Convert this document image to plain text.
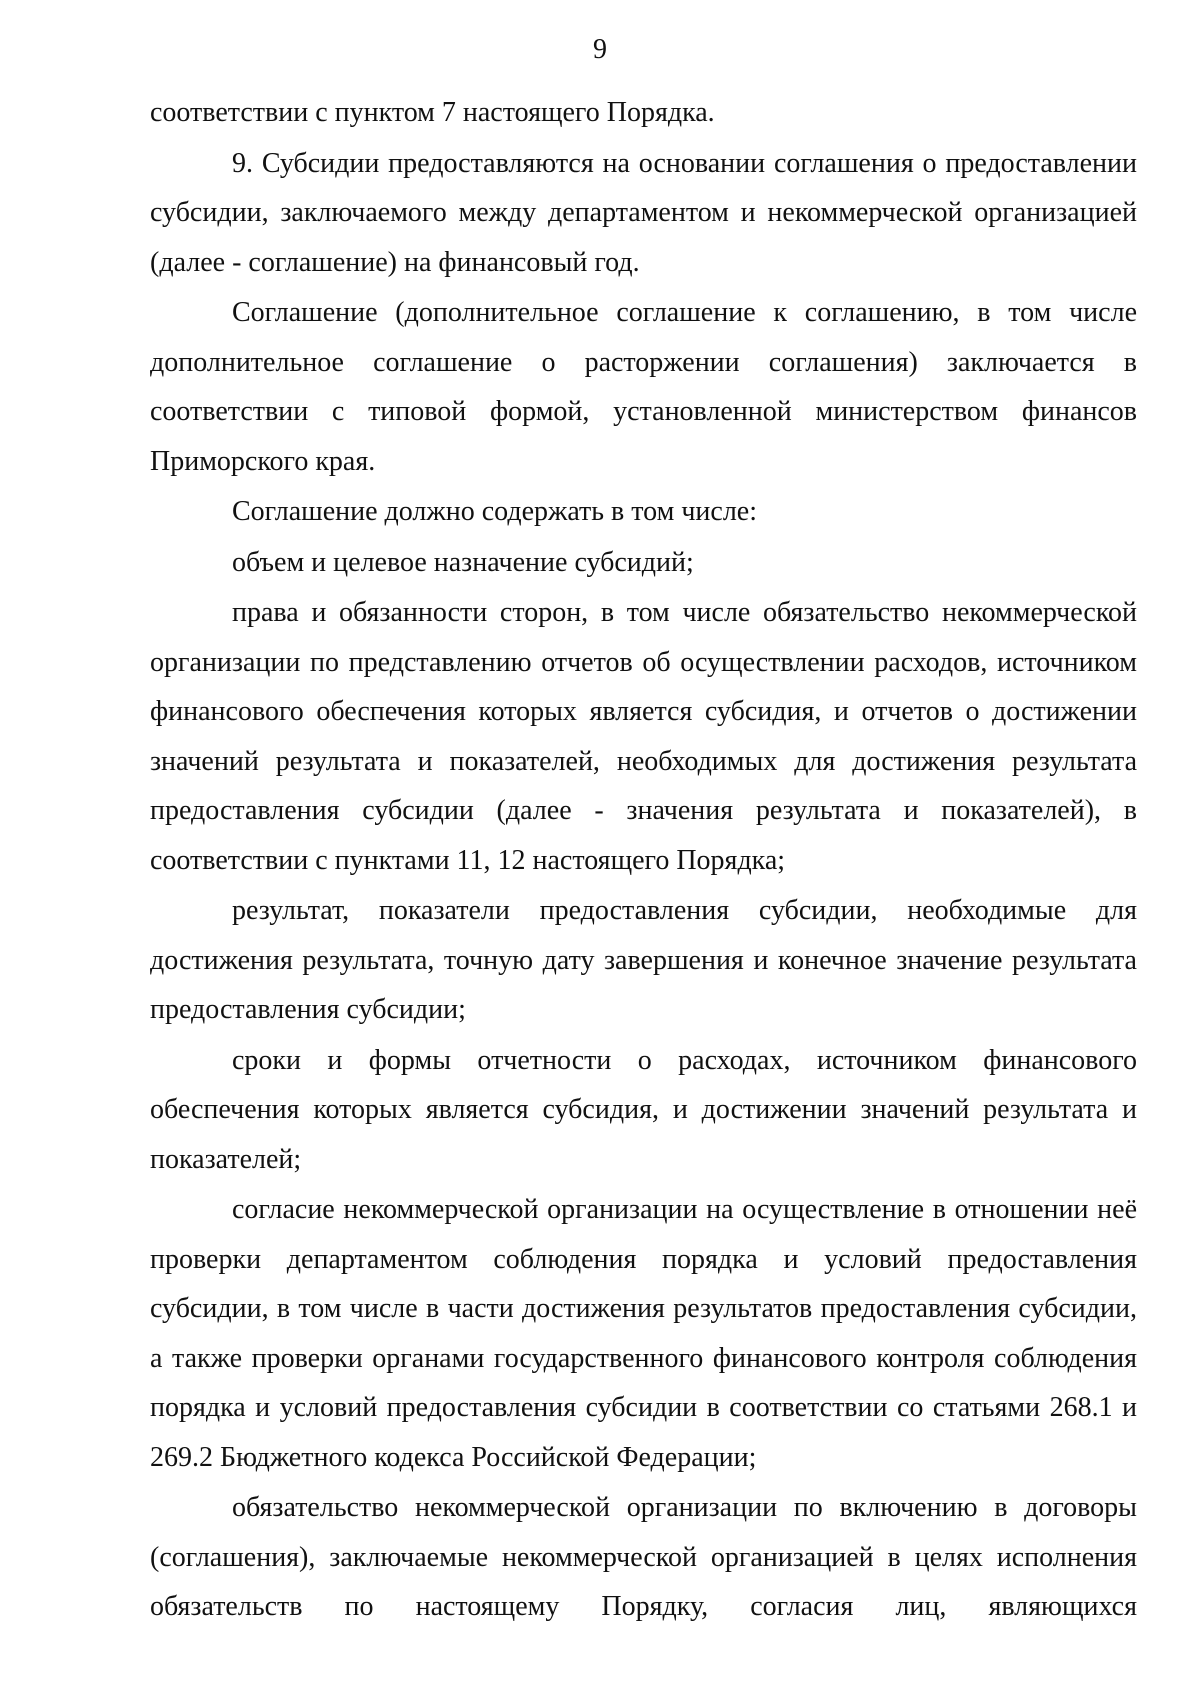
9

соответствии с пунктом 7 настоящего Порядка.

9. Субсидии предоставляются на основании соглашения о предоставлении субсидии, заключаемого между департаментом и некоммерческой организацией (далее - соглашение) на финансовый год.

Соглашение (дополнительное соглашение к соглашению, в том числе дополнительное соглашение о расторжении соглашения) заключается в соответствии с типовой формой, установленной министерством финансов Приморского края.

Соглашение должно содержать в том числе:

объем и целевое назначение субсидий;

права и обязанности сторон, в том числе обязательство некоммерческой организации по представлению отчетов об осуществлении расходов, источником финансового обеспечения которых является субсидия, и отчетов о достижении значений результата и показателей, необходимых для достижения результата предоставления субсидии (далее - значения результата и показателей), в соответствии с пунктами 11, 12 настоящего Порядка;

результат, показатели предоставления субсидии, необходимые для достижения результата, точную дату завершения и конечное значение результата предоставления субсидии;

сроки и формы отчетности о расходах, источником финансового обеспечения которых является субсидия, и достижении значений результата и показателей;

согласие некоммерческой организации на осуществление в отношении неё проверки департаментом соблюдения порядка и условий предоставления субсидии, в том числе в части достижения результатов предоставления субсидии, а также проверки органами государственного финансового контроля соблюдения порядка и условий предоставления субсидии в соответствии со статьями 268.1 и 269.2 Бюджетного кодекса Российской Федерации;

обязательство некоммерческой организации по включению в договоры (соглашения), заключаемые некоммерческой организацией в целях исполнения обязательств по настоящему Порядку, согласия лиц, являющихся
